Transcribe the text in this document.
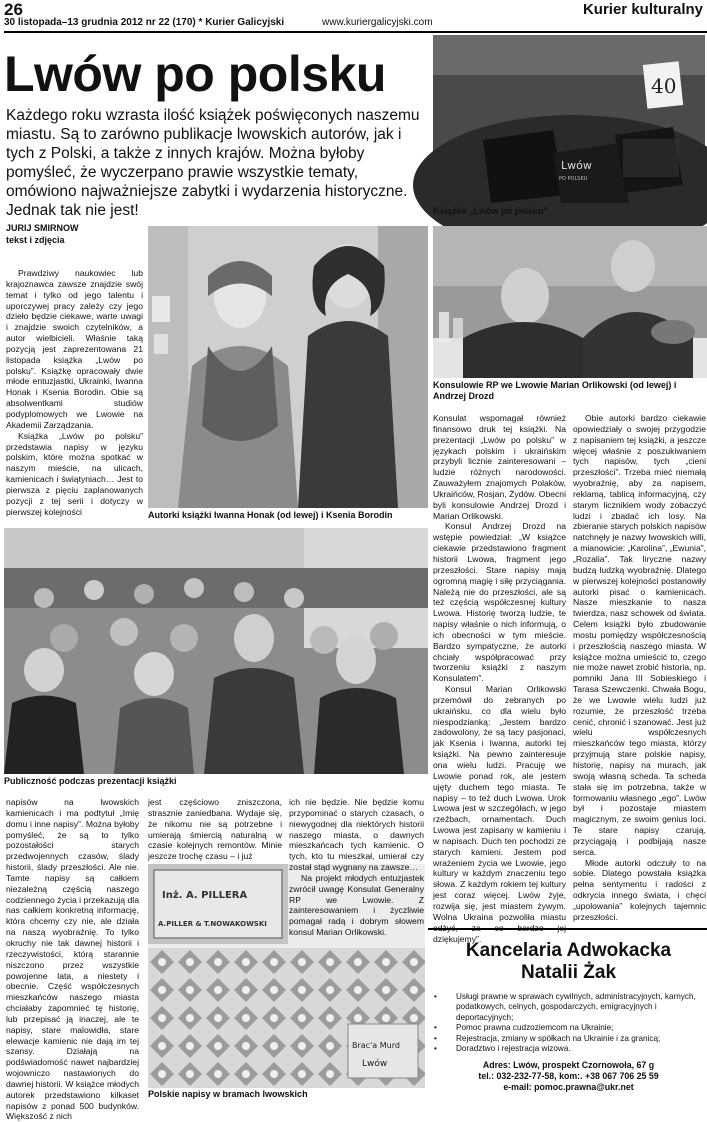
26
30 listopada–13 grudnia 2012 nr 22 (170) * Kurier Galicyjski	www.kuriergalicyjski.com
Kurier kulturalny
Lwów po polsku
Każdego roku wzrasta ilość książek poświęconych naszemu miastu. Są to zarówno publikacje lwowskich autorów, jak i tych z Polski, a także z innych krajów. Można byłoby pomyśleć, że wyczerpano prawie wszystkie tematy, omówiono najważniejsze zabytki i wydarzenia historyczne. Jednak tak nie jest!
JURIJ SMIRNOW
tekst i zdjęcia
40
Lwów
PO POLSKU
Książka „Lwów po polsku”
Autorki książki Iwanna Honak (od lewej) i Ksenia Borodin
Konsulowie RP we Lwowie Marian Orlikowski (od lewej) i Andrzej Drozd
Publiczność podczas prezentacji książki
Inż. A. PILLERA
A.PILLER & T.NOWAKOWSKI
Brac'a Murd
Lwów
Polskie napisy w bramach lwowskich

Prawdziwy naukowiec lub krajoznawca zawsze znajdzie swój temat i tylko od jego talentu i uporczywej pracy zależy czy jego dzieło będzie ciekawe, warte uwagi i znajdzie swoich czytelników, a autor wielbicieli. Właśnie taką pozycją jest zaprezentowana 21 listopada książka „Lwów po polsku”. Książkę opracowały dwie młode entuzjastki, Ukrainki, Iwanna Honak i Ksenia Borodin. Obie są absolwentkami studiów podyplomowych we Lwowie na Akademii Zarządzania.

Książka „Lwów po polsku” przedstawia napisy w języku polskim, które można spotkać w naszym mieście, na ulicach, kamienicach i świątyniach… Jest to pierwsza z pięciu zaplanowanych pozycji z tej serii i dotyczy w pierwszej kolejności

napisów na lwowskich kamienicach i ma podtytuł „Imię domu i inne napisy”. Można byłoby pomyśleć, że są to tylko pozostałości starych przedwojennych czasów, ślady historii, ślady przeszłości. Ale nie. Tamte napisy są całkiem niezależną częścią naszego codziennego życia i przekazują dla nas całkiem konkretną informację, która chcemy czy nie, ale działa na naszą wyobraźnię. To tylko okruchy nie tak dawnej historii i rzeczywistości, którą starannie niszczono przez wszystkie powojenne lata, a niestety i obecnie. Część współczesnych mieszkańców naszego miasta chciałaby zapomnieć tę historię, lub przepisać ją inaczej, ale te napisy, stare malowidła, stare elewacje kamienic nie dają im tej szansy. Działają na podświadomość nawet najbardziej wojowniczo nastawionych do dawnej historii. W książce młodych autorek przedstawiono kilkaset napisów z ponad 500 budynków. Większość z nich

jest częściowo zniszczona, strasznie zaniedbana. Wydaje się, że nikomu nie są potrzebne i umierają śmiercią naturalną w czasie kolejnych remontów. Minie jeszcze trochę czasu – i już

ich nie będzie. Nie będzie komu przypominać o starych czasach, o niewygodnej dla niektórych historii naszego miasta, o dawnych mieszkańcach tych kamienic. O tych, kto tu mieszkał, umierał czy został stąd wygnany na zawsze…

Na projekt młodych entuzjastek zwrócił uwagę Konsulat Generalny RP we Lwowie. Z zainteresowaniem i życzliwie pomagał radą i dobrym słowem konsul Marian Orlikowski.

Konsulat wspomagał również finansowo druk tej książki. Na prezentacji „Lwów po polsku” w językach polskim i ukraińskim przybyli licznie zainteresowani – ludzie różnych narodowości. Zauważyłem znajomych Polaków, Ukraińców, Rosjan, Żydów. Obecni byli konsulowie Andrzej Drozd i Marian Orlikowski.

Konsul Andrzej Drozd na wstępie powiedział: „W książce ciekawie przedstawiono fragment historii Lwowa, fragment jego przeszłości. Stare napisy mają ogromną magię i siłę przyciągania. Należą nie do przeszłości, ale są też częścią współczesnej kultury Lwowa. Historię tworzą ludzie, te napisy właśnie o nich informują, o ich obecności w tym mieście. Bardzo sympatyczne, że autorki chciały współpracować przy tworzeniu książki z naszym Konsulatem”.

Konsul Marian Orlikowski przemówił do zebranych po ukraińsku, co dla wielu było niespodzianką: „Jestem bardzo zadowolony, że są tacy pasjonaci, jak Ksenia i Iwanna, autorki tej książki. Na pewno zainteresuje ona wielu ludzi. Pracuję we Lwowie ponad rok, ale jestem ujęty duchem tego miasta. Te napisy – to też duch Lwowa. Urok Lwowa jest w szczegółach, w jego rzeźbach, ornamentach. Duch Lwowa jest zapisany w kamieniu i w napisach. Duch ten pochodzi ze starych kamieni. Jestem pod wrażeniem życia we Lwowie, jego kultury w każdym znaczeniu tego słowa. Z każdym rokiem tej kultury jest coraz więcej. Lwów żyje, rozwija się, jest miastem żywym. Wolna Ukraina pozwoliła miastu dziękujemy”.

Obie autorki bardzo ciekawie opowiedziały o swojej przygodzie z napisaniem tej książki, a jeszcze więcej właśnie z poszukiwaniem tych napisów, tych „cieni przeszłości”. Trzeba mieć niemałą wyobraźnię, aby za napisem, reklamą, tablicą informacyjną, czy starym licznikiem wody zobaczyć ludzi i zbadać ich losy. Na zbieranie starych polskich napisów natchnęły je nazwy lwowskich willi, a mianowicie: „Karolina”, „Ewunia”, „Rozalia”. Tak liryczne nazwy budzą ludzką wyobraźnię. Dlatego w pierwszej kolejności postanowiły autorki pisać o kamienicach. Nasze mieszkanie to nasza twierdza, nasz schowek od świata. Celem książki było zbudowanie mostu pomiędzy współczesnością i przeszłością naszego miasta. W książce można umieścić to, czego nie może nawet zrobić historia, np. pomniki Jana III Sobieskiego i Tarasa Szewczenki. Chwała Bogu, że we Lwowie wielu ludzi już rozumie, że przeszłość trzeba cenić, chronić i szanować. Jest już wielu współczesnych mieszkańców tego miasta, którzy przyjmują stare polskie napisy, historię, napisy na murach, jak swoją własną scheda. Ta scheda stała się im potrzebna, także w formowaniu własnego „ego”. Lwów był i pozostaje miastem magicznym, ze swoim genius loci. Te stare napisy czarują, przyciągają i podbijają nasze serca.

Młode autorki odczuły to na sobie. Dlatego powstała książka pełna sentymentu i radości z odkrycia innego świata, i chęci „upolowania” kolejnych tajemnic przeszłości.

Kancelaria Adwokacka
Natalii Żak
• Usługi prawne w sprawach cywilnych, administracyjnych, karnych, podatkowych, celnych, gospodarczych, emigracyjnych i deportacyjnych;
• Pomoc prawna cudzoziemcom na Ukrainie;
• Rejestracja, zmiany w spółkach na Ukrainie i za granicą;
• Doradztwo i rejestracja wizowa.
Adres: Lwów, prospekt Czornowoła, 67 g
tel.: 032-232-77-58, kom:. +38 067 706 25 59
e-mail: pomoc.prawna@ukr.net
